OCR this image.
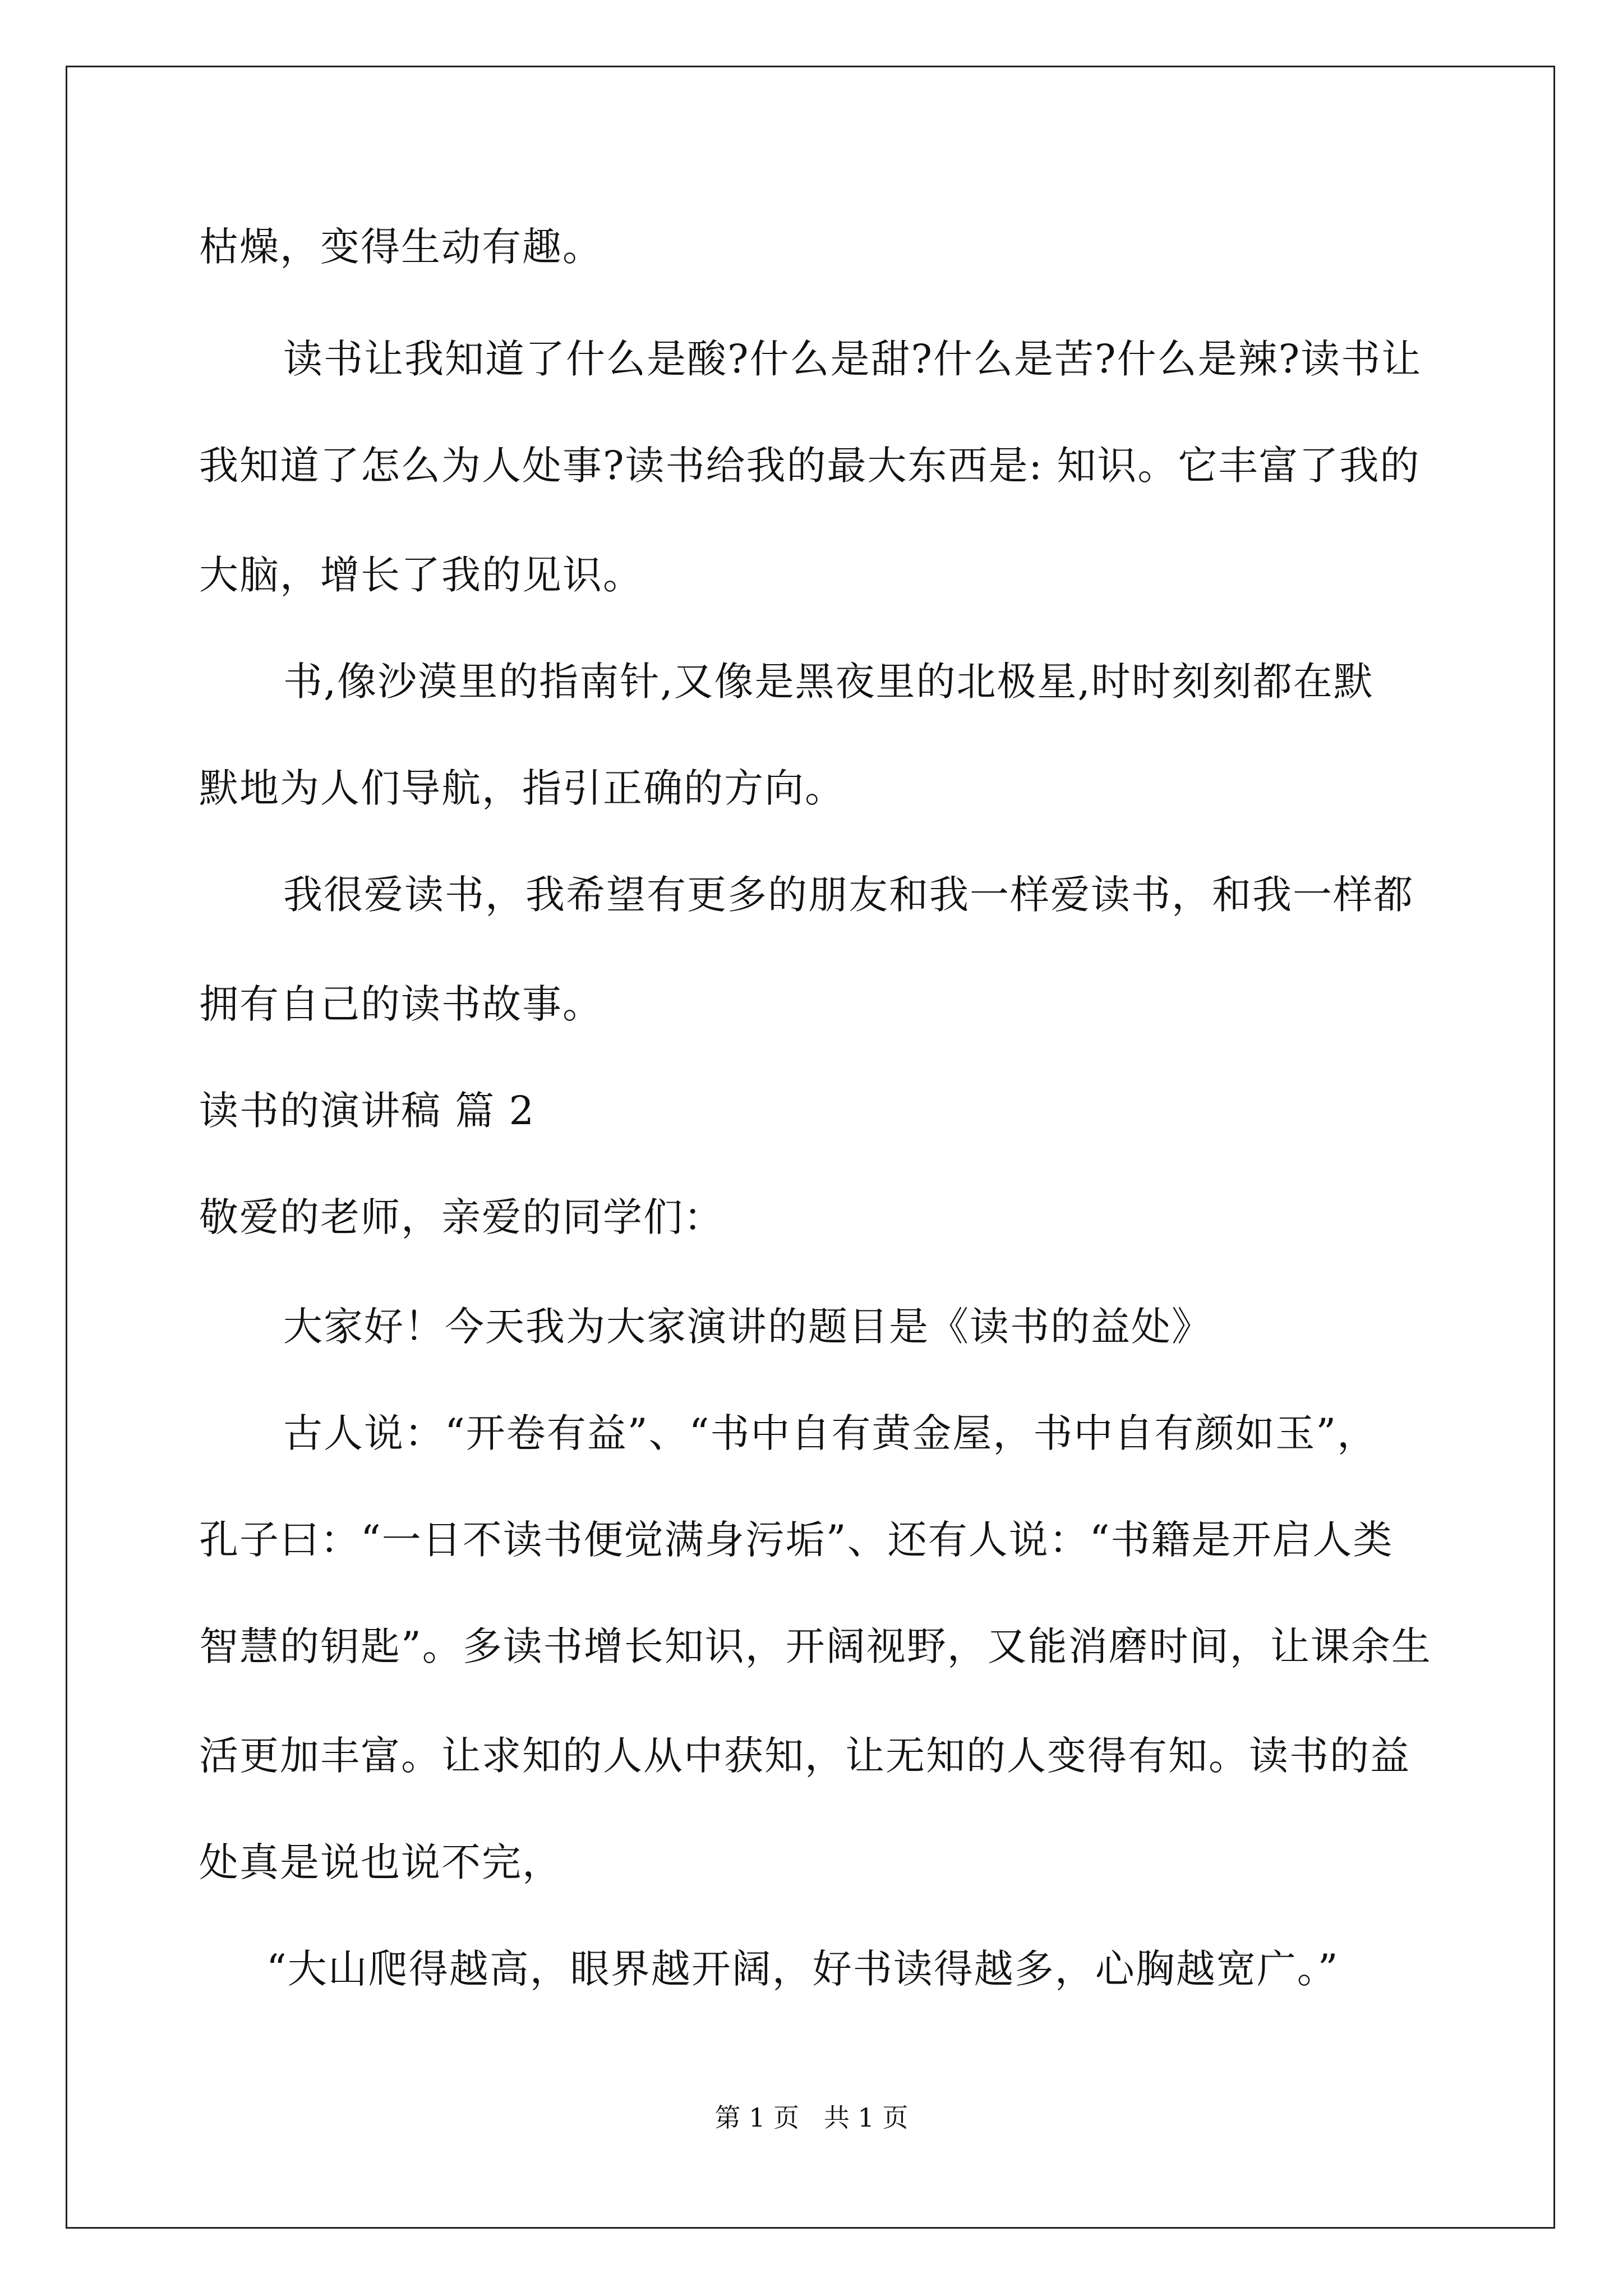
枯燥，变得生动有趣。
读书让我知道了什么是酸?什么是甜?什么是苦?什么是辣?读书让
我知道了怎么为人处事?读书给我的最大东西是: 知识。它丰富了我的
大脑，增长了我的见识。
书,像沙漠里的指南针,又像是黑夜里的北极星,时时刻刻都在默
默地为人们导航，指引正确的方向。
我很爱读书，我希望有更多的朋友和我一样爱读书，和我一样都
拥有自己的读书故事。
读书的演讲稿 篇 2
敬爱的老师，亲爱的同学们：
大家好！今天我为大家演讲的题目是《读书的益处》
古人说：“开卷有益”、“书中自有黄金屋，书中自有颜如玉”，
孔子曰：“一日不读书便觉满身污垢”、还有人说：“书籍是开启人类
智慧的钥匙”。多读书增长知识，开阔视野，又能消磨时间，让课余生
活更加丰富。让求知的人从中获知，让无知的人变得有知。读书的益
处真是说也说不完，
“大山爬得越高，眼界越开阔，好书读得越多，心胸越宽广。”
第 1 页   共 1 页
